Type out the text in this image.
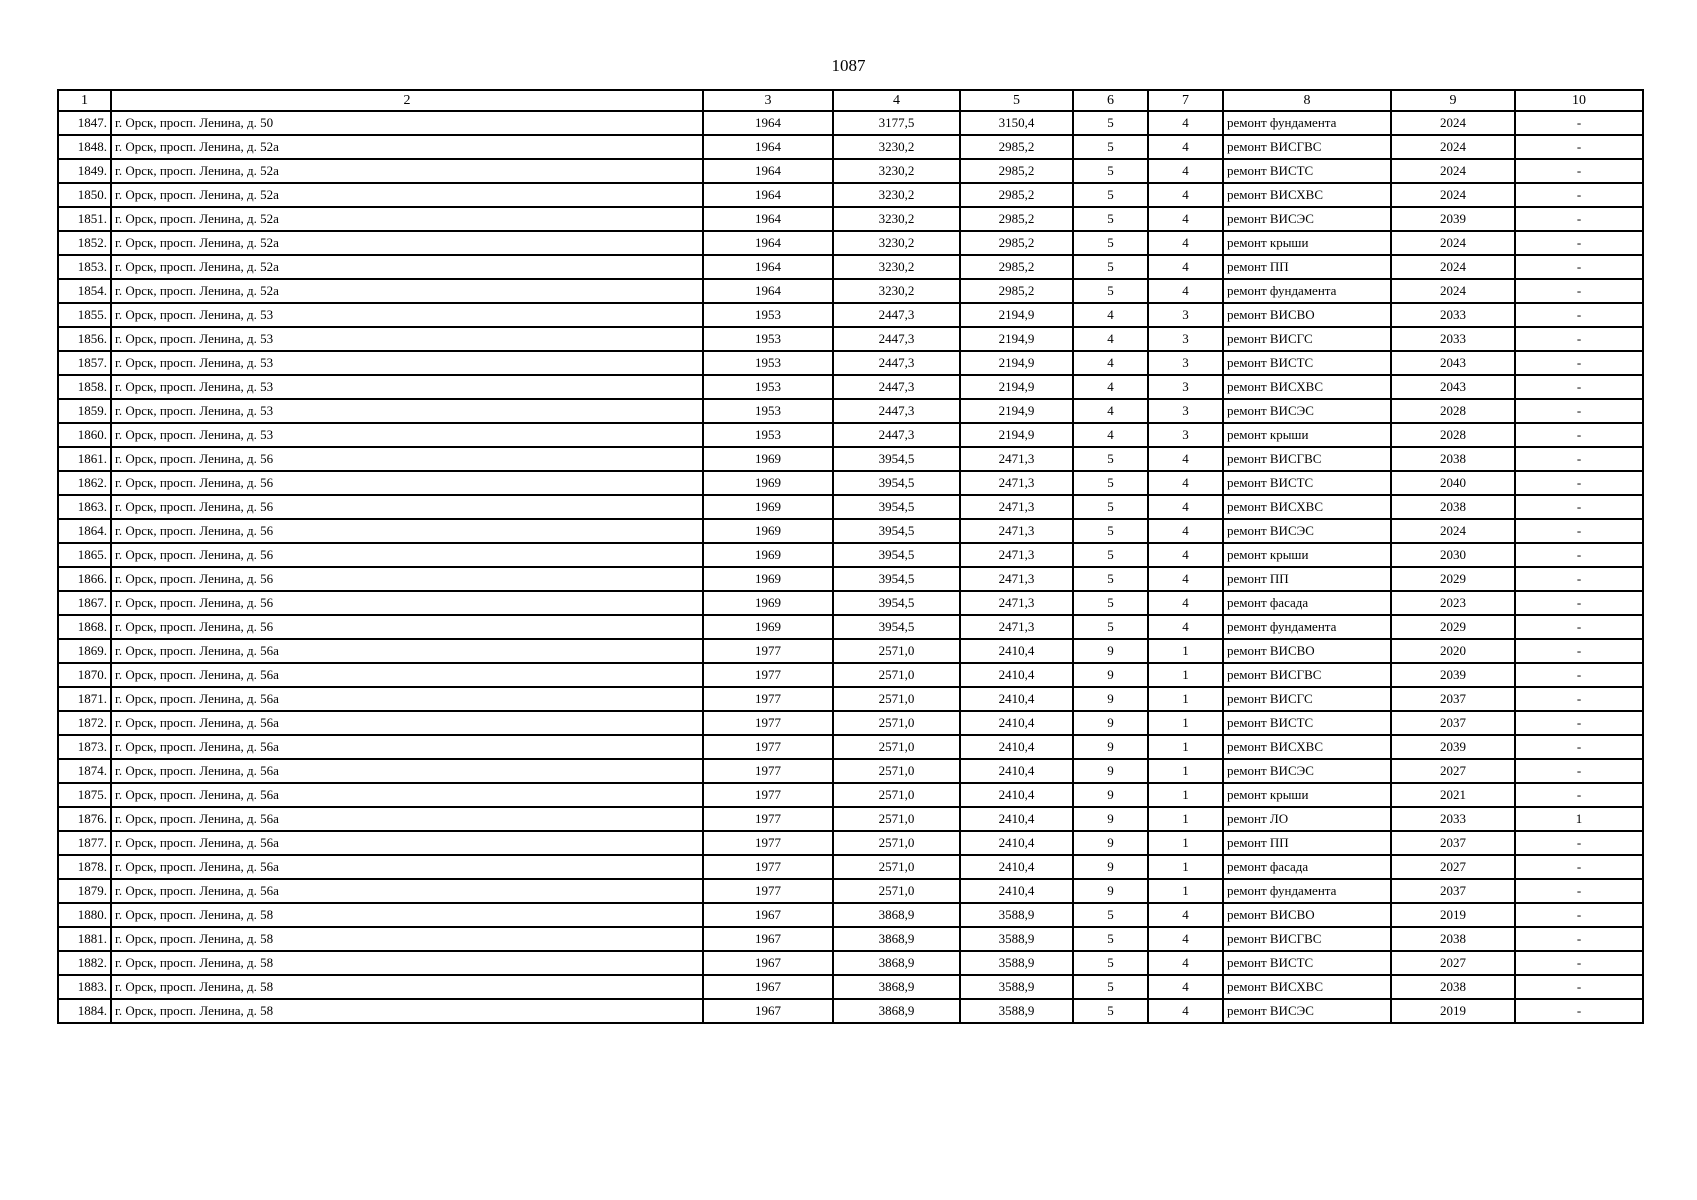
1087
1	2	3	4	5	6	7	8	9	10
1847.	г. Орск, просп. Ленина, д. 50	1964	3177,5	3150,4	5	4	ремонт фундамента	2024	-
1848.	г. Орск, просп. Ленина, д. 52а	1964	3230,2	2985,2	5	4	ремонт ВИСГВС	2024	-
1849.	г. Орск, просп. Ленина, д. 52а	1964	3230,2	2985,2	5	4	ремонт ВИСТС	2024	-
1850.	г. Орск, просп. Ленина, д. 52а	1964	3230,2	2985,2	5	4	ремонт ВИСХВС	2024	-
1851.	г. Орск, просп. Ленина, д. 52а	1964	3230,2	2985,2	5	4	ремонт ВИСЭС	2039	-
1852.	г. Орск, просп. Ленина, д. 52а	1964	3230,2	2985,2	5	4	ремонт крыши	2024	-
1853.	г. Орск, просп. Ленина, д. 52а	1964	3230,2	2985,2	5	4	ремонт ПП	2024	-
1854.	г. Орск, просп. Ленина, д. 52а	1964	3230,2	2985,2	5	4	ремонт фундамента	2024	-
1855.	г. Орск, просп. Ленина, д. 53	1953	2447,3	2194,9	4	3	ремонт ВИСВО	2033	-
1856.	г. Орск, просп. Ленина, д. 53	1953	2447,3	2194,9	4	3	ремонт ВИСГС	2033	-
1857.	г. Орск, просп. Ленина, д. 53	1953	2447,3	2194,9	4	3	ремонт ВИСТС	2043	-
1858.	г. Орск, просп. Ленина, д. 53	1953	2447,3	2194,9	4	3	ремонт ВИСХВС	2043	-
1859.	г. Орск, просп. Ленина, д. 53	1953	2447,3	2194,9	4	3	ремонт ВИСЭС	2028	-
1860.	г. Орск, просп. Ленина, д. 53	1953	2447,3	2194,9	4	3	ремонт крыши	2028	-
1861.	г. Орск, просп. Ленина, д. 56	1969	3954,5	2471,3	5	4	ремонт ВИСГВС	2038	-
1862.	г. Орск, просп. Ленина, д. 56	1969	3954,5	2471,3	5	4	ремонт ВИСТС	2040	-
1863.	г. Орск, просп. Ленина, д. 56	1969	3954,5	2471,3	5	4	ремонт ВИСХВС	2038	-
1864.	г. Орск, просп. Ленина, д. 56	1969	3954,5	2471,3	5	4	ремонт ВИСЭС	2024	-
1865.	г. Орск, просп. Ленина, д. 56	1969	3954,5	2471,3	5	4	ремонт крыши	2030	-
1866.	г. Орск, просп. Ленина, д. 56	1969	3954,5	2471,3	5	4	ремонт ПП	2029	-
1867.	г. Орск, просп. Ленина, д. 56	1969	3954,5	2471,3	5	4	ремонт фасада	2023	-
1868.	г. Орск, просп. Ленина, д. 56	1969	3954,5	2471,3	5	4	ремонт фундамента	2029	-
1869.	г. Орск, просп. Ленина, д. 56а	1977	2571,0	2410,4	9	1	ремонт ВИСВО	2020	-
1870.	г. Орск, просп. Ленина, д. 56а	1977	2571,0	2410,4	9	1	ремонт ВИСГВС	2039	-
1871.	г. Орск, просп. Ленина, д. 56а	1977	2571,0	2410,4	9	1	ремонт ВИСГС	2037	-
1872.	г. Орск, просп. Ленина, д. 56а	1977	2571,0	2410,4	9	1	ремонт ВИСТС	2037	-
1873.	г. Орск, просп. Ленина, д. 56а	1977	2571,0	2410,4	9	1	ремонт ВИСХВС	2039	-
1874.	г. Орск, просп. Ленина, д. 56а	1977	2571,0	2410,4	9	1	ремонт ВИСЭС	2027	-
1875.	г. Орск, просп. Ленина, д. 56а	1977	2571,0	2410,4	9	1	ремонт крыши	2021	-
1876.	г. Орск, просп. Ленина, д. 56а	1977	2571,0	2410,4	9	1	ремонт ЛО	2033	1
1877.	г. Орск, просп. Ленина, д. 56а	1977	2571,0	2410,4	9	1	ремонт ПП	2037	-
1878.	г. Орск, просп. Ленина, д. 56а	1977	2571,0	2410,4	9	1	ремонт фасада	2027	-
1879.	г. Орск, просп. Ленина, д. 56а	1977	2571,0	2410,4	9	1	ремонт фундамента	2037	-
1880.	г. Орск, просп. Ленина, д. 58	1967	3868,9	3588,9	5	4	ремонт ВИСВО	2019	-
1881.	г. Орск, просп. Ленина, д. 58	1967	3868,9	3588,9	5	4	ремонт ВИСГВС	2038	-
1882.	г. Орск, просп. Ленина, д. 58	1967	3868,9	3588,9	5	4	ремонт ВИСТС	2027	-
1883.	г. Орск, просп. Ленина, д. 58	1967	3868,9	3588,9	5	4	ремонт ВИСХВС	2038	-
1884.	г. Орск, просп. Ленина, д. 58	1967	3868,9	3588,9	5	4	ремонт ВИСЭС	2019	-
